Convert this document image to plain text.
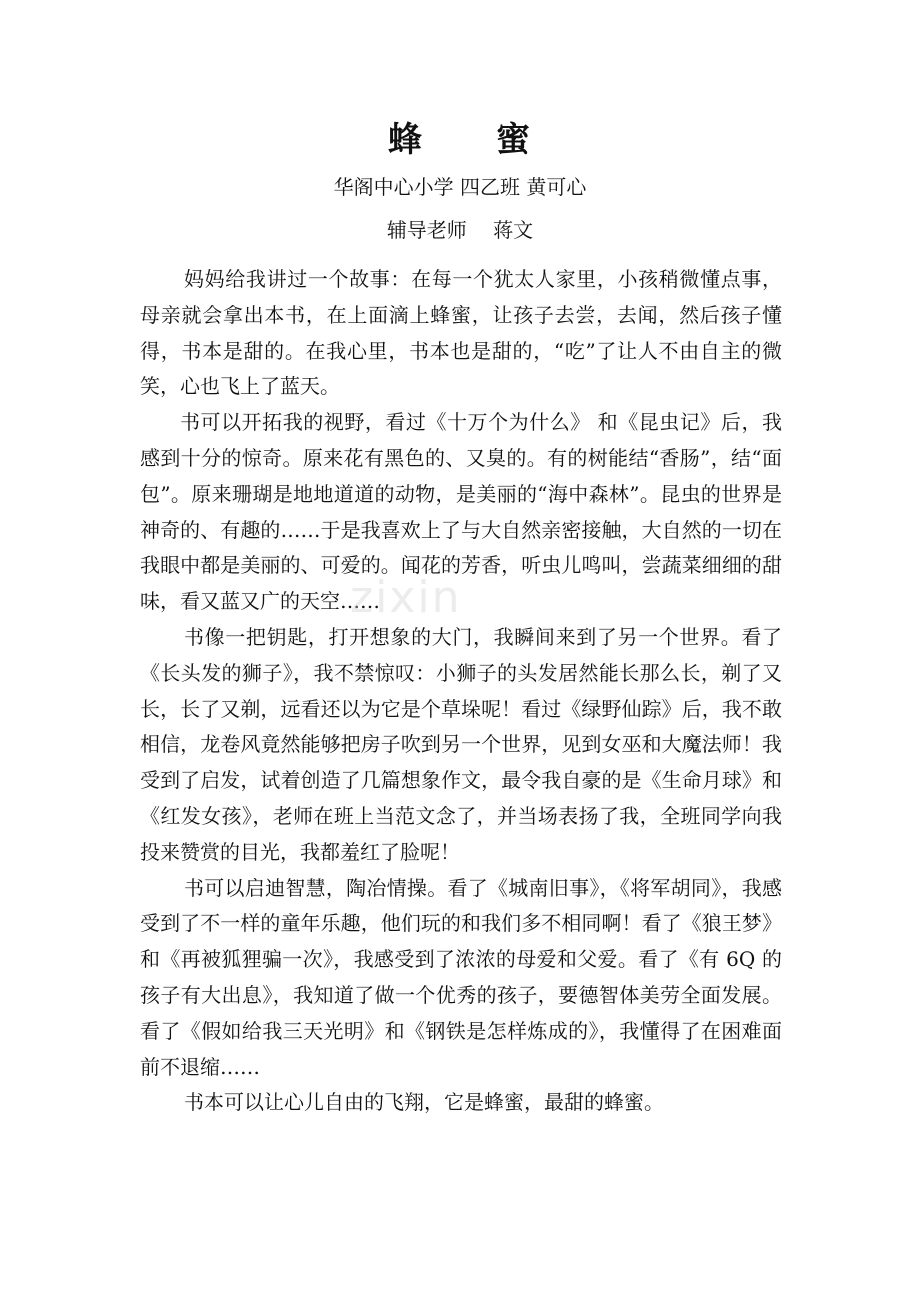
蜂　　蜜
华阁中心小学 四乙班 黄可心
辅导老师　 蒋文

妈妈给我讲过一个故事：在每一个犹太人家里，小孩稍微懂点事，母亲就会拿出本书，在上面滴上蜂蜜，让孩子去尝，去闻，然后孩子懂得，书本是甜的。在我心里，书本也是甜的，“吃”了让人不由自主的微笑，心也飞上了蓝天。

书可以开拓我的视野，看过《十万个为什么》 和《昆虫记》后，我感到十分的惊奇。原来花有黑色的、又臭的。有的树能结“香肠”，结“面包”。原来珊瑚是地地道道的动物，是美丽的“海中森林”。昆虫的世界是神奇的、有趣的……于是我喜欢上了与大自然亲密接触，大自然的一切在我眼中都是美丽的、可爱的。闻花的芳香，听虫儿鸣叫，尝蔬菜细细的甜味，看又蓝又广的天空……

书像一把钥匙，打开想象的大门，我瞬间来到了另一个世界。看了《长头发的狮子》，我不禁惊叹：小狮子的头发居然能长那么长，剃了又长，长了又剃，远看还以为它是个草垛呢！看过《绿野仙踪》后，我不敢相信，龙卷风竟然能够把房子吹到另一个世界，见到女巫和大魔法师！我受到了启发，试着创造了几篇想象作文，最令我自豪的是《生命月球》和《红发女孩》，老师在班上当范文念了，并当场表扬了我，全班同学向我投来赞赏的目光，我都羞红了脸呢！

书可以启迪智慧，陶冶情操。看了《城南旧事》，《将军胡同》，我感受到了不一样的童年乐趣，他们玩的和我们多不相同啊！看了《狼王梦》和《再被狐狸骗一次》，我感受到了浓浓的母爱和父爱。看了《有 6Q 的孩子有大出息》，我知道了做一个优秀的孩子，要德智体美劳全面发展。看了《假如给我三天光明》和《钢铁是怎样炼成的》，我懂得了在困难面前不退缩……

书本可以让心儿自由的飞翔，它是蜂蜜，最甜的蜂蜜。

zixin
